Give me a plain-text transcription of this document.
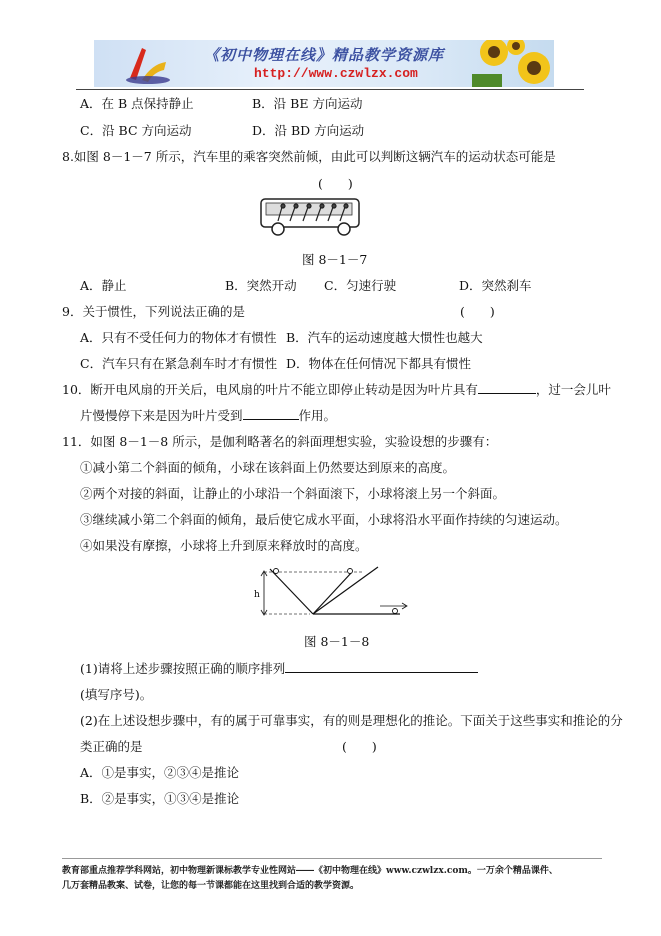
《初中物理在线》精品教学资源库
http://www.czwlzx.com
A．在 B 点保持静止	B．沿 BE 方向运动
C．沿 BC 方向运动	D．沿 BD 方向运动
8.如图 8－1－7 所示，汽车里的乘客突然前倾，由此可以判断这辆汽车的运动状态可能是
(　　)
图 8－1－7
A．静止	B．突然开动 C．匀速行驶	D．突然刹车
9．关于惯性，下列说法正确的是	(　　)
A．只有不受任何力的物体才有惯性 B．汽车的运动速度越大惯性也越大
C．汽车只有在紧急刹车时才有惯性 D．物体在任何情况下都具有惯性
10．断开电风扇的开关后，电风扇的叶片不能立即停止转动是因为叶片具有	，过一会儿叶
片慢慢停下来是因为叶片受到	作用。
11．如图 8－1－8 所示，是伽利略著名的斜面理想实验，实验设想的步骤有：
①减小第二个斜面的倾角，小球在该斜面上仍然要达到原来的高度。
②两个对接的斜面，让静止的小球沿一个斜面滚下，小球将滚上另一个斜面。
③继续减小第二个斜面的倾角，最后使它成水平面，小球将沿水平面作持续的匀速运动。
④如果没有摩擦，小球将上升到原来释放时的高度。
h
图 8－1－8
(1)请将上述步骤按照正确的顺序排列
(填写序号)。
(2)在上述设想步骤中，有的属于可靠事实，有的则是理想化的推论。下面关于这些事实和推论的分
类正确的是	(　　)
A．①是事实，②③④是推论
B．②是事实，①③④是推论
教育部重点推荐学科网站，初中物理新课标教学专业性网站――《初中物理在线》www.czwlzx.com。一万余个精品课件、
几万套精品教案、试卷，让您的每一节课都能在这里找到合适的教学资源。
